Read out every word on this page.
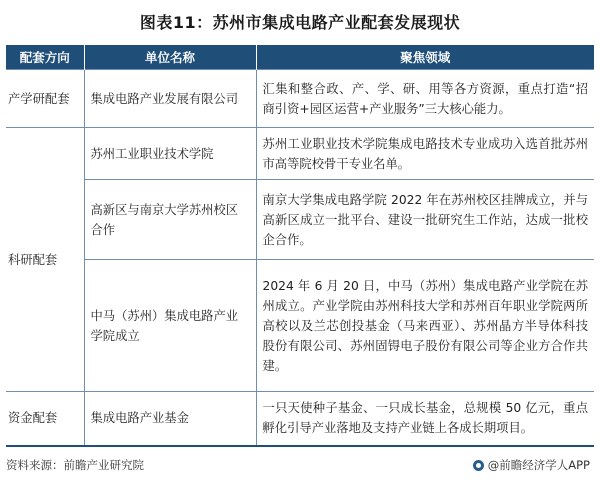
图表11：苏州市集成电路产业配套发展现状
配套方向	单位名称	聚焦领域
产学研配套	集成电路产业发展有限公司	汇集和整合政、产、学、研、用等各方资源，重点打造“招商引资+园区运营+产业服务”三大核心能力。
科研配套	苏州工业职业技术学院	苏州工业职业技术学院集成电路技术专业成功入选首批苏州市高等院校骨干专业名单。
	高新区与南京大学苏州校区合作	南京大学集成电路学院 2022 年在苏州校区挂牌成立，并与高新区成立一批平台、建设一批研究生工作站，达成一批校企合作。
	中马（苏州）集成电路产业学院成立	2024 年 6 月 20 日，中马（苏州）集成电路产业学院在苏州成立。产业学院由苏州科技大学和苏州百年职业学院两所高校以及兰芯创投基金（马来西亚）、苏州晶方半导体科技股份有限公司、苏州固锝电子股份有限公司等企业方合作共建。
资金配套	集成电路产业基金	一只天使种子基金、一只成长基金，总规模 50 亿元，重点孵化引导产业落地及支持产业链上各成长期项目。
资料来源：前瞻产业研究院	@前瞻经济学人APP
